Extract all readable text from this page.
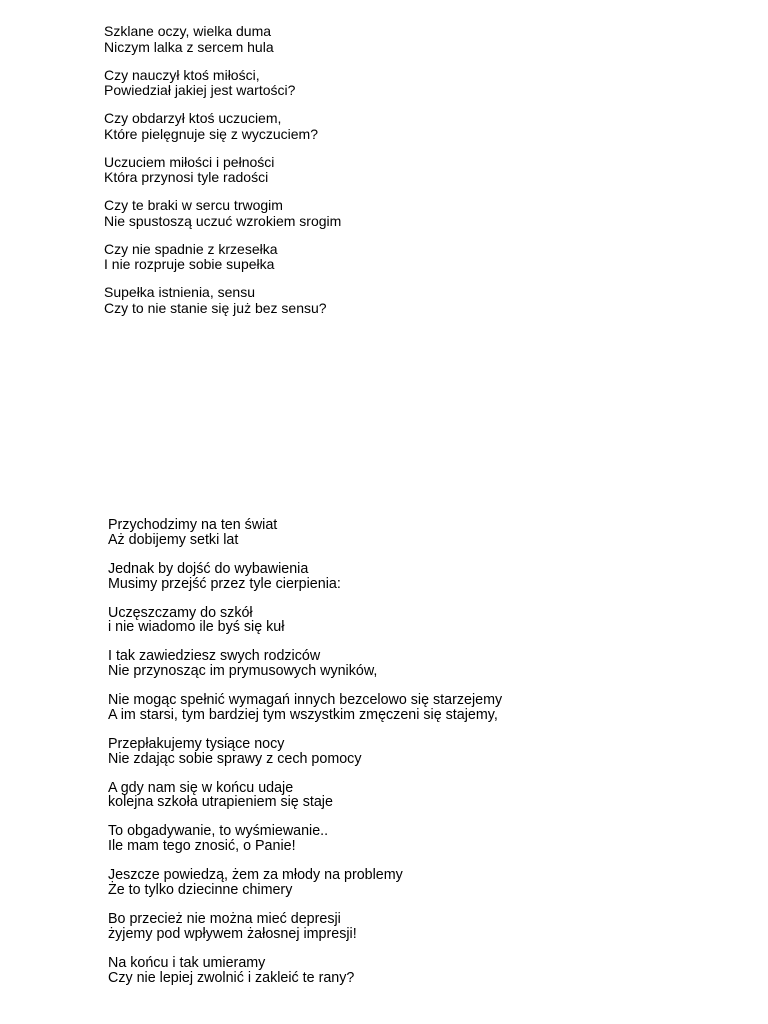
Szklane oczy, wielka duma
Niczym lalka z sercem hula
Czy nauczył ktoś miłości,
Powiedział jakiej jest wartości?
Czy obdarzył ktoś uczuciem,
Które pielęgnuje się z wyczuciem?
Uczuciem miłości i pełności
Która przynosi tyle radości
Czy te braki w sercu trwogim
Nie spustoszą uczuć wzrokiem srogim
Czy nie spadnie z krzesełka
I nie rozpruje sobie supełka
Supełka istnienia, sensu
Czy to nie stanie się już bez sensu?
Przychodzimy na ten świat
Aż dobijemy setki lat
Jednak by dojść do wybawienia
Musimy przejść przez tyle cierpienia:
Uczęszczamy do szkół
i nie wiadomo ile byś się kuł
I tak zawiedziesz swych rodziców
Nie przynosząc im prymusowych wyników,
Nie mogąc spełnić wymagań innych bezcelowo się starzejemy
A im starsi, tym bardziej tym wszystkim zmęczeni się stajemy,
Przepłakujemy tysiące nocy
Nie zdając sobie sprawy z cech pomocy
A gdy nam się w końcu udaje
kolejna szkoła utrapieniem się staje
To obgadywanie, to wyśmiewanie..
Ile mam tego znosić, o Panie!
Jeszcze powiedzą, żem za młody na problemy
Że to tylko dziecinne chimery
Bo przecież nie można mieć depresji
żyjemy pod wpływem żałosnej impresji!
Na końcu i tak umieramy
Czy nie lepiej zwolnić i zakleić te rany?
